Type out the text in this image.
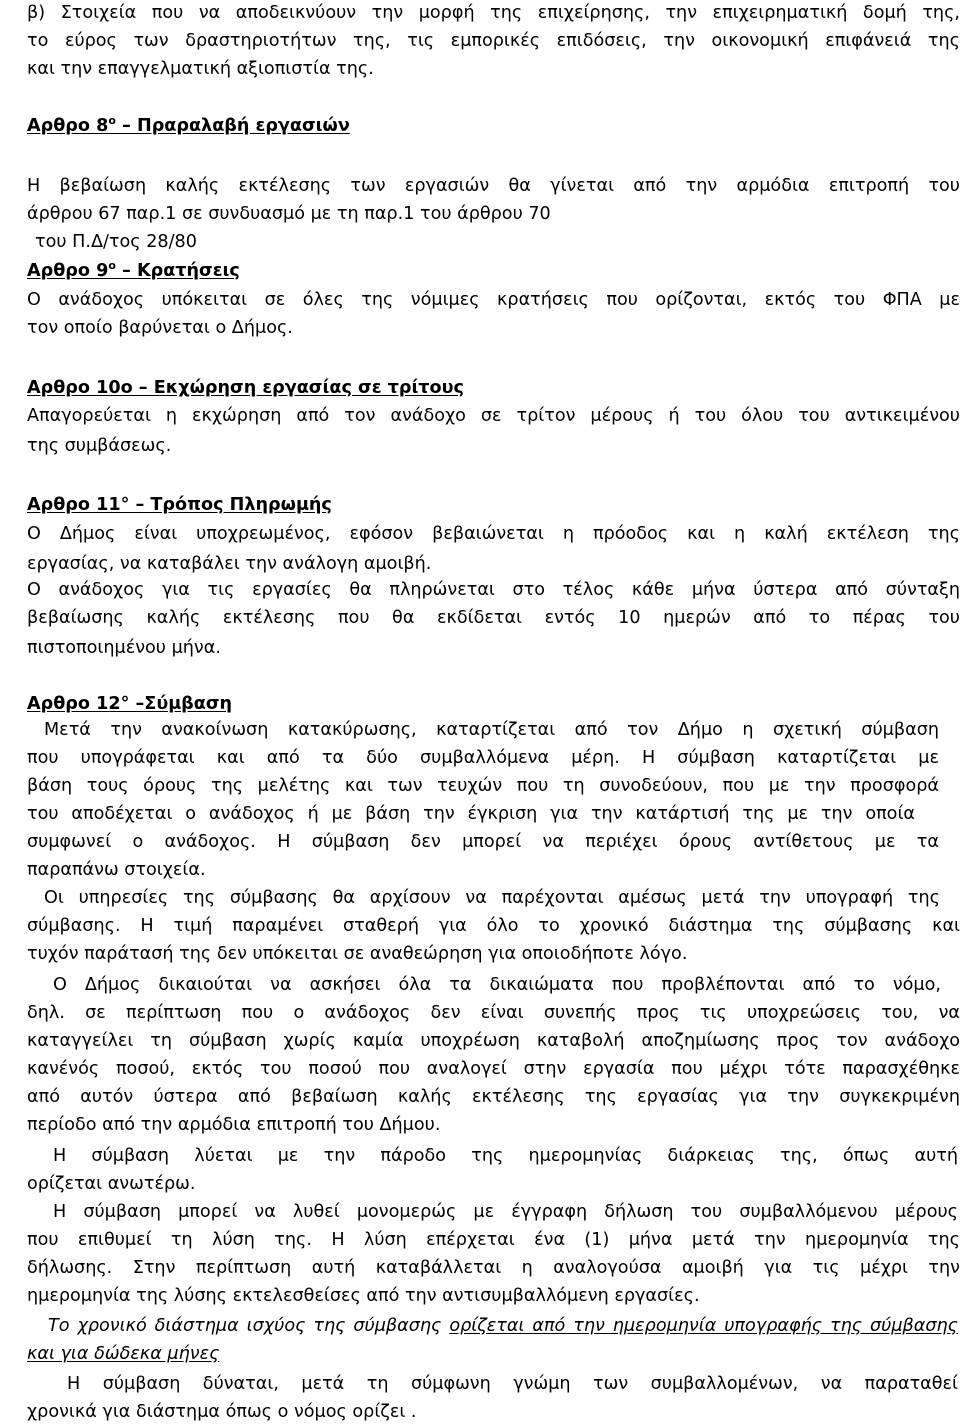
β) Στοιχεία που να αποδεικνύουν την μορφή της επιχείρησης, την επιχειρηματική δομή της,
το εύρος των δραστηριοτήτων της, τις εμπορικές επιδόσεις, την οικονομική επιφάνειά της
και την επαγγελματική αξιοπιστία της.
Αρθρο $8^o$ – Πραραλαβή εργασιών
Η βεβαίωση καλής εκτέλεσης των εργασιών θα γίνεται από την αρμόδια επιτροπή του
άρθρου 67 παρ.1 σε συνδυασμό με τη παρ.1 του άρθρου 70
του Π.Δ/τος 28/80
Αρθρο $9^o$ – Κρατήσεις
Ο ανάδοχος υπόκειται σε όλες της νόμιμες κρατήσεις που ορίζονται, εκτός του ΦΠΑ με
τον οποίο βαρύνεται ο Δήμος.
Αρθρο 10ο – Εκχώρηση εργασίας σε τρίτους
Απαγορεύεται η εκχώρηση από τον ανάδοχο σε τρίτον μέρους ή του όλου του αντικειμένου
της συμβάσεως.
Αρθρο 11° – Τρόπος Πληρωμής
Ο Δήμος είναι υποχρεωμένος, εφόσον βεβαιώνεται η πρόοδος και η καλή εκτέλεση της
εργασίας, να καταβάλει την ανάλογη αμοιβή.
Ο ανάδοχος για τις εργασίες θα πληρώνεται στο τέλος κάθε μήνα ύστερα από σύνταξη
βεβαίωσης καλής εκτέλεσης που θα εκδίδεται εντός 10 ημερών από το πέρας του
πιστοποιημένου μήνα.
Αρθρο 12° –Σύμβαση
Μετά την ανακοίνωση κατακύρωσης, καταρτίζεται από τον Δήμο η σχετική σύμβαση
που υπογράφεται και από τα δύο συμβαλλόμενα μέρη. Η σύμβαση καταρτίζεται με
βάση τους όρους της μελέτης και των τευχών που τη συνοδεύουν, που με την προσφορά
του αποδέχεται ο ανάδοχος ή με βάση την έγκριση για την κατάρτισή της με την οποία
συμφωνεί ο ανάδοχος. Η σύμβαση δεν μπορεί να περιέχει όρους αντίθετους με τα
παραπάνω στοιχεία.
Οι υπηρεσίες της σύμβασης θα αρχίσουν να παρέχονται αμέσως μετά την υπογραφή της
σύμβασης. Η τιμή παραμένει σταθερή για όλο το χρονικό διάστημα της σύμβασης και
τυχόν παράτασή της δεν υπόκειται σε αναθεώρηση για οποιοδήποτε λόγο.
Ο Δήμος δικαιούται να ασκήσει όλα τα δικαιώματα που προβλέπονται από το νόμο,
δηλ. σε περίπτωση που ο ανάδοχος δεν είναι συνεπής προς τις υποχρεώσεις του, να
καταγγείλει τη σύμβαση χωρίς καμία υποχρέωση καταβολή αποζημίωσης προς τον ανάδοχο
κανένός ποσού, εκτός του ποσού που αναλογεί στην εργασία που μέχρι τότε παρασχέθηκε
από αυτόν ύστερα από βεβαίωση καλής εκτέλεσης της εργασίας για την συγκεκριμένη
περίοδο από την αρμόδια επιτροπή του Δήμου.
Η σύμβαση λύεται με την πάροδο της ημερομηνίας διάρκειας της, όπως αυτή
ορίζεται ανωτέρω.
Η σύμβαση μπορεί να λυθεί μονομερώς με έγγραφη δήλωση του συμβαλλόμενου μέρους
που επιθυμεί τη λύση της. Η λύση επέρχεται ένα (1) μήνα μετά την ημερομηνία της
δήλωσης. Στην περίπτωση αυτή καταβάλλεται η αναλογούσα αμοιβή για τις μέχρι την
ημερομηνία της λύσης εκτελεσθείσες από την αντισυμβαλλόμενη εργασίες.
Το χρονικό διάστημα ισχύος της σύμβασης ορίζεται από την ημερομηνία υπογραφής της σύμβασης
και για δώδεκα μήνες
Η σύμβαση δύναται, μετά τη σύμφωνη γνώμη των συμβαλλομένων, να παραταθεί
χρονικά για διάστημα όπως ο νόμος ορίζει .
